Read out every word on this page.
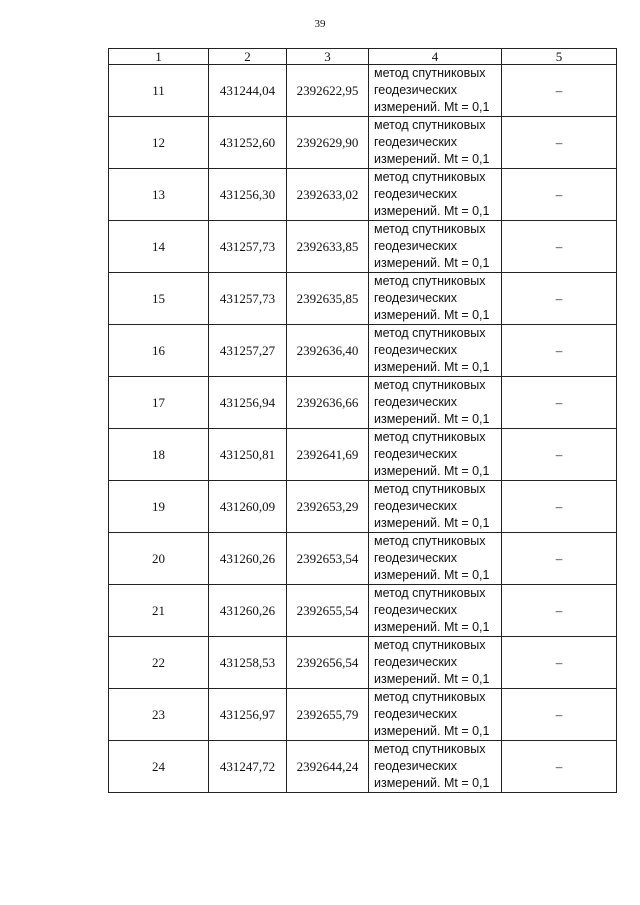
39
1	2	3	4	5
11	431244,04	2392622,95	метод спутниковых
геодезических
измерений. Mt = 0,1	–
12	431252,60	2392629,90	метод спутниковых
геодезических
измерений. Mt = 0,1	–
13	431256,30	2392633,02	метод спутниковых
геодезических
измерений. Mt = 0,1	–
14	431257,73	2392633,85	метод спутниковых
геодезических
измерений. Mt = 0,1	–
15	431257,73	2392635,85	метод спутниковых
геодезических
измерений. Mt = 0,1	–
16	431257,27	2392636,40	метод спутниковых
геодезических
измерений. Mt = 0,1	–
17	431256,94	2392636,66	метод спутниковых
геодезических
измерений. Mt = 0,1	–
18	431250,81	2392641,69	метод спутниковых
геодезических
измерений. Mt = 0,1	–
19	431260,09	2392653,29	метод спутниковых
геодезических
измерений. Mt = 0,1	–
20	431260,26	2392653,54	метод спутниковых
геодезических
измерений. Mt = 0,1	–
21	431260,26	2392655,54	метод спутниковых
геодезических
измерений. Mt = 0,1	–
22	431258,53	2392656,54	метод спутниковых
геодезических
измерений. Mt = 0,1	–
23	431256,97	2392655,79	метод спутниковых
геодезических
измерений. Mt = 0,1	–
24	431247,72	2392644,24	метод спутниковых
геодезических
измерений. Mt = 0,1	–
